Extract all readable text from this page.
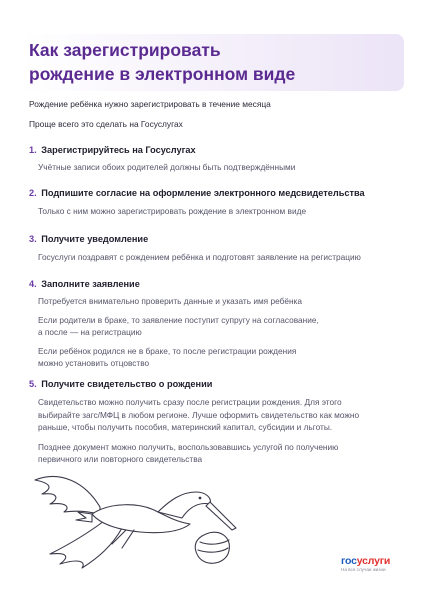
Как зарегистрировать
рождение в электронном виде

Рождение ребёнка нужно зарегистрировать в течение месяца

Проще всего это сделать на Госуслугах

1. Зарегистрируйтесь на Госуслугах

Учётные записи обоих родителей должны быть подтверждёнными

2. Подпишите согласие на оформление электронного медсвидетельства

Только с ним можно зарегистрировать рождение в электронном виде

3. Получите уведомление

Госуслуги поздравят с рождением ребёнка и подготовят заявление на регистрацию

4. Заполните заявление

Потребуется внимательно проверить данные и указать имя ребёнка

Если родители в браке, то заявление поступит супругу на согласование,

а после — на регистрацию

Если ребёнок родился не в браке, то после регистрации рождения

можно установить отцовство

5. Получите свидетельство о рождении

Свидетельство можно получить сразу после регистрации рождения. Для этого

выбирайте загс/МФЦ в любом регионе. Лучше оформить свидетельство как можно

раньше, чтобы получить пособия, материнский капитал, субсидии и льготы.

Позднее документ можно получить, воспользовавшись услугой по получению

первичного или повторного свидетельства

госуслуги
На все случаи жизни
